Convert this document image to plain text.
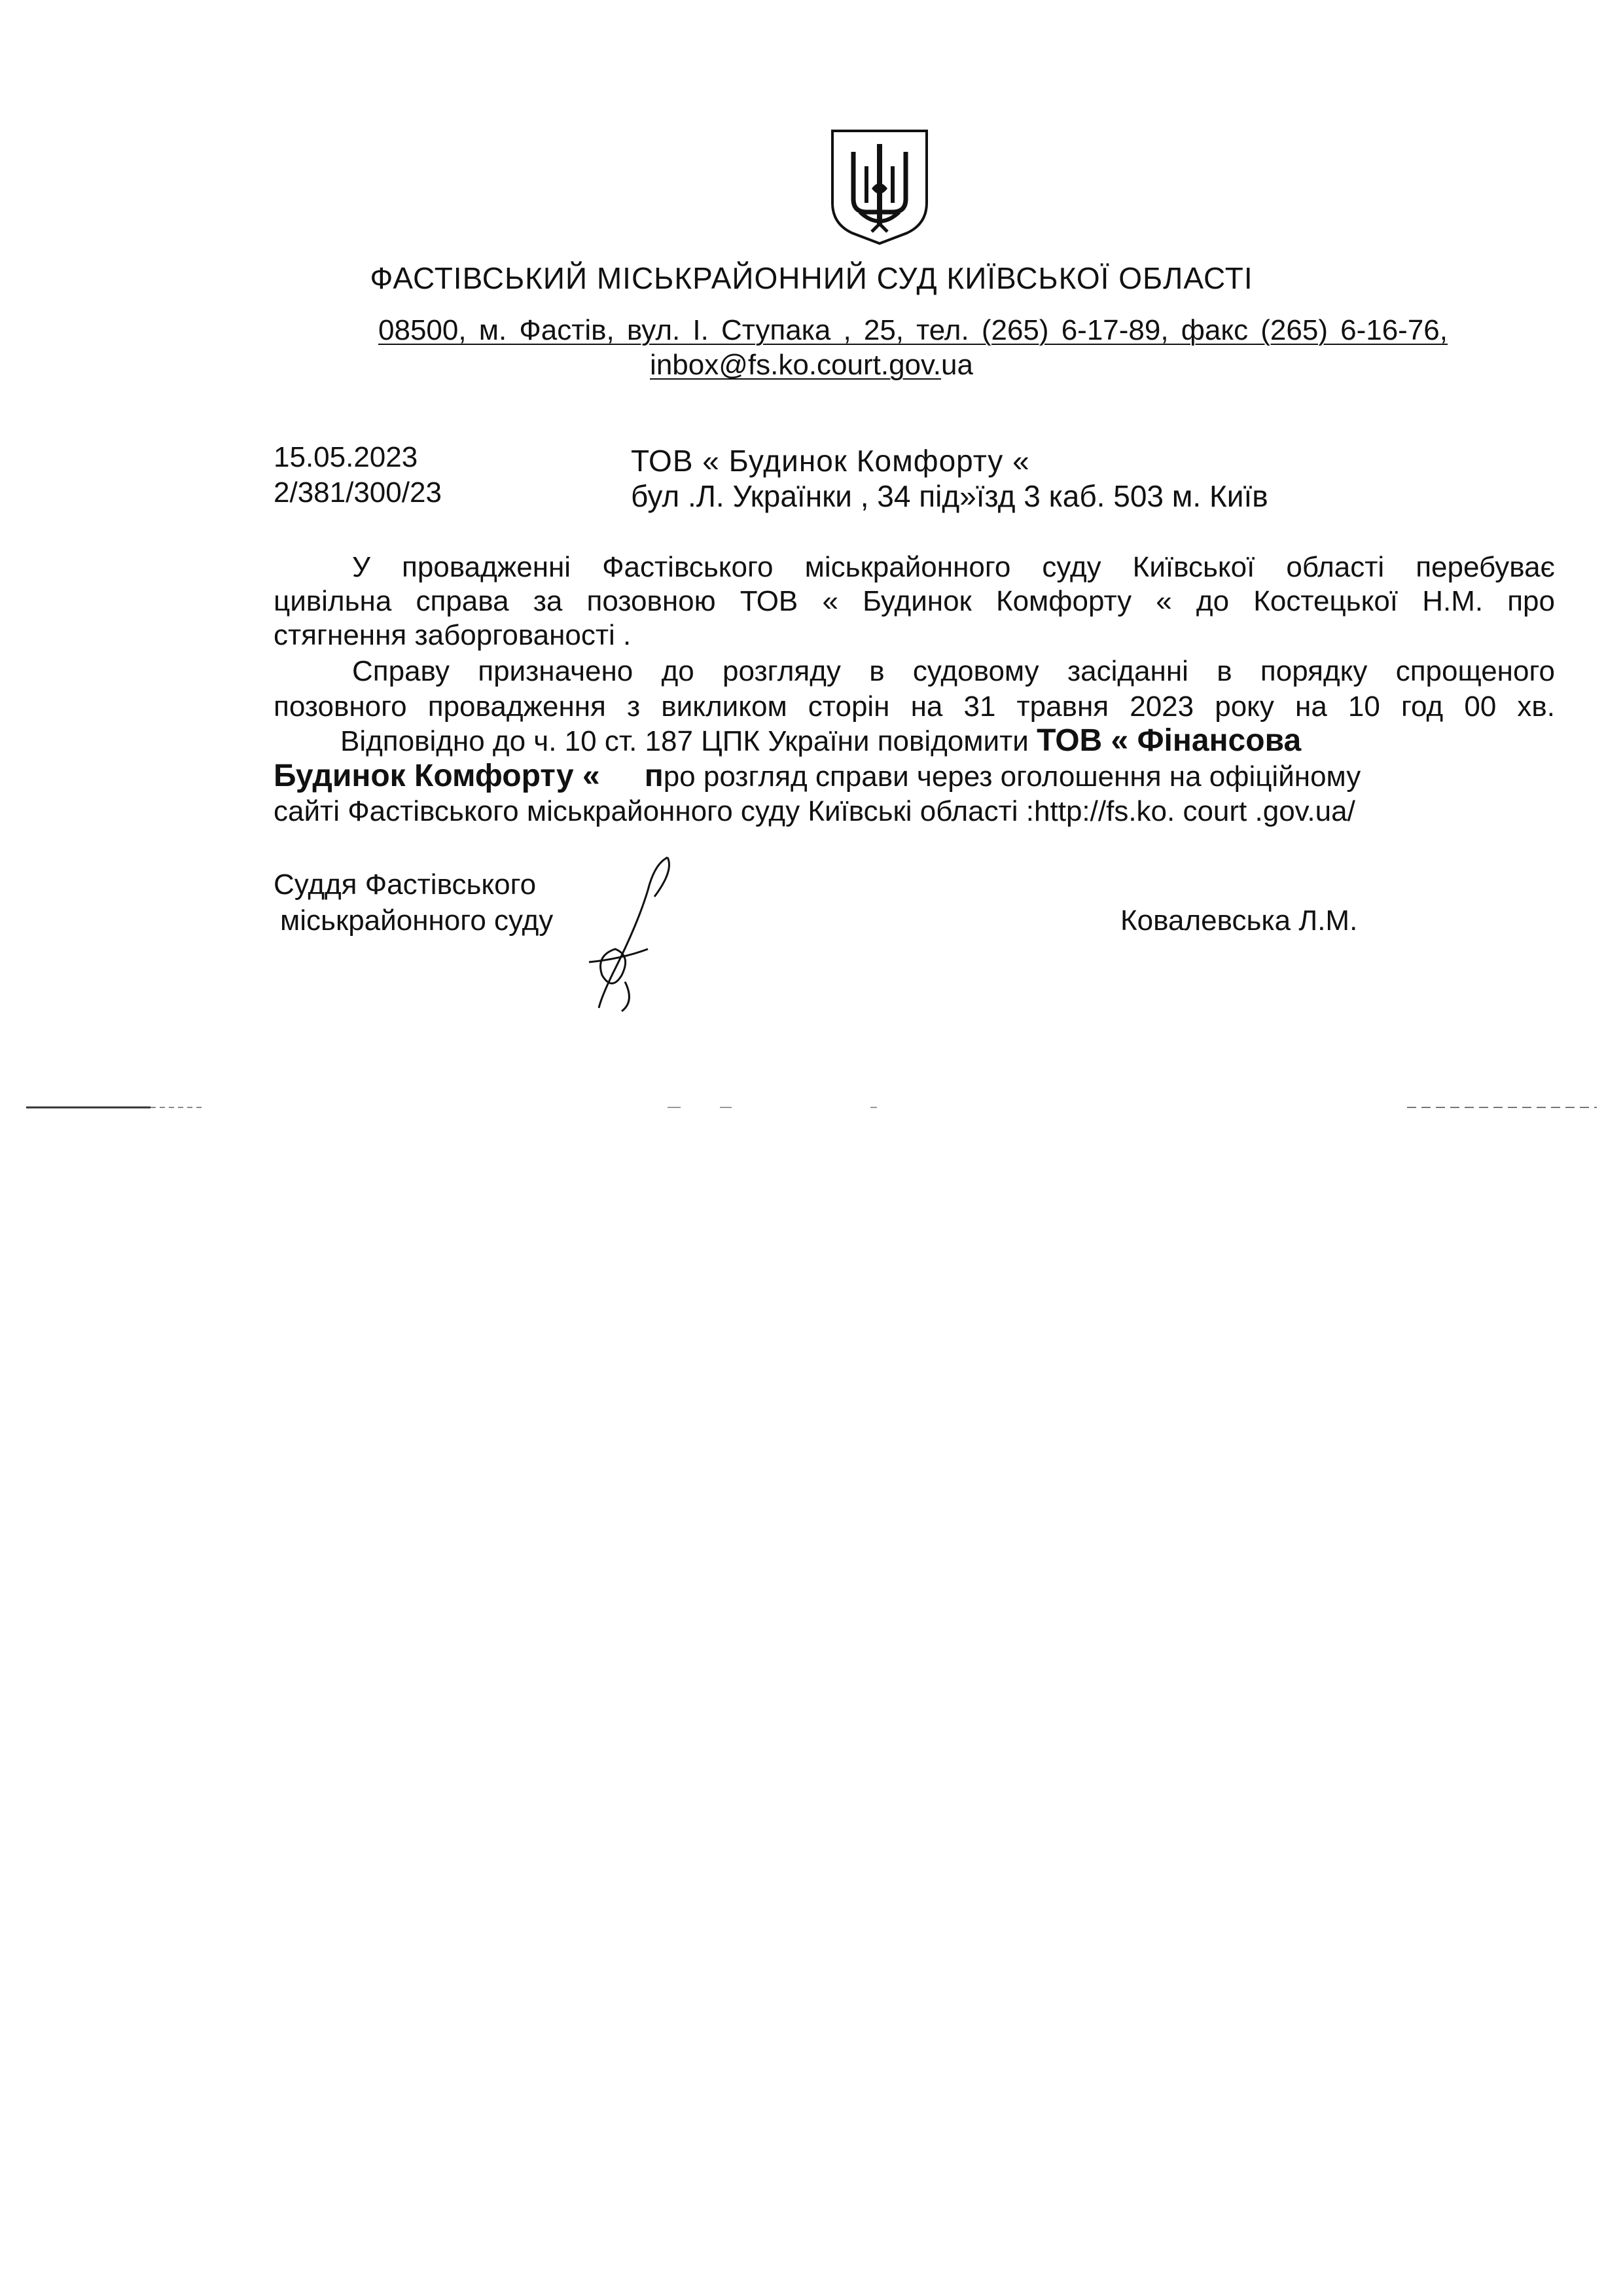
ФАСТІВСЬКИЙ МІСЬКРАЙОННИЙ СУД КИЇВСЬКОЇ ОБЛАСТІ
08500, м. Фастів, вул. І. Ступака , 25, тел. (265) 6-17-89, факс (265) 6-16-76,
inbox@fs.ko.court.gov.ua
15.05.2023
2/381/300/23
ТОВ « Будинок Комфорту «
бул .Л. Українки , 34 під»їзд 3 каб. 503 м. Київ
У провадженні Фастівського міськрайонного суду Київської області перебуває
цивільна справа за позовною ТОВ « Будинок Комфорту « до Костецької Н.М. про
стягнення заборгованості .
Справу призначено до розгляду в судовому засіданні в порядку спрощеного
позовного провадження з викликом сторін на 31 травня 2023 року на 10 год 00 хв.
Відповідно до ч. 10 ст. 187 ЦПК України повідомити ТОВ « Фінансова
Будинок Комфорту « про розгляд справи через оголошення на офіційному
сайті Фастівського міськрайонного суду Київські області :http://fs.ko. court .gov.ua/
Суддя Фастівського
міськрайонного суду	Ковалевська Л.М.
